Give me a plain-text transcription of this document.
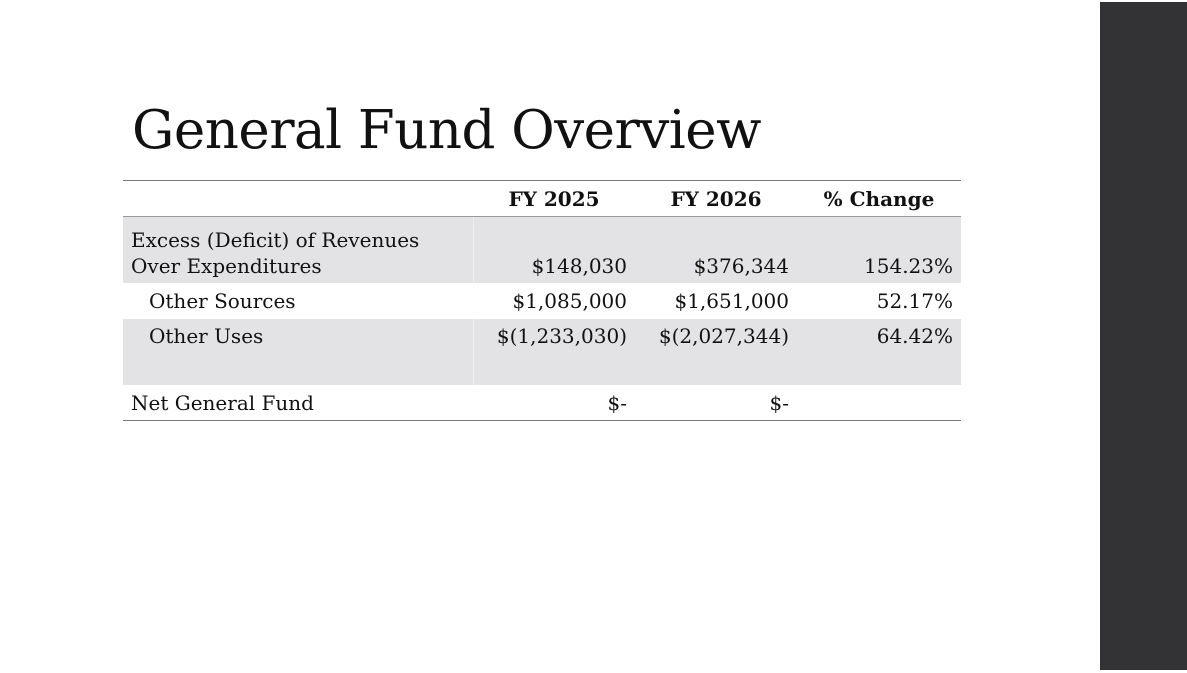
General Fund Overview
	FY 2025	FY 2026	% Change

Excess (Deficit) of Revenues
Over Expenditures	$148,030	$376,344	154.23%
Other Sources	$1,085,000	$1,651,000	52.17%
Other Uses	$(1,233,030)	$(2,027,344)	64.42%
Net General Fund	$-	$-	
